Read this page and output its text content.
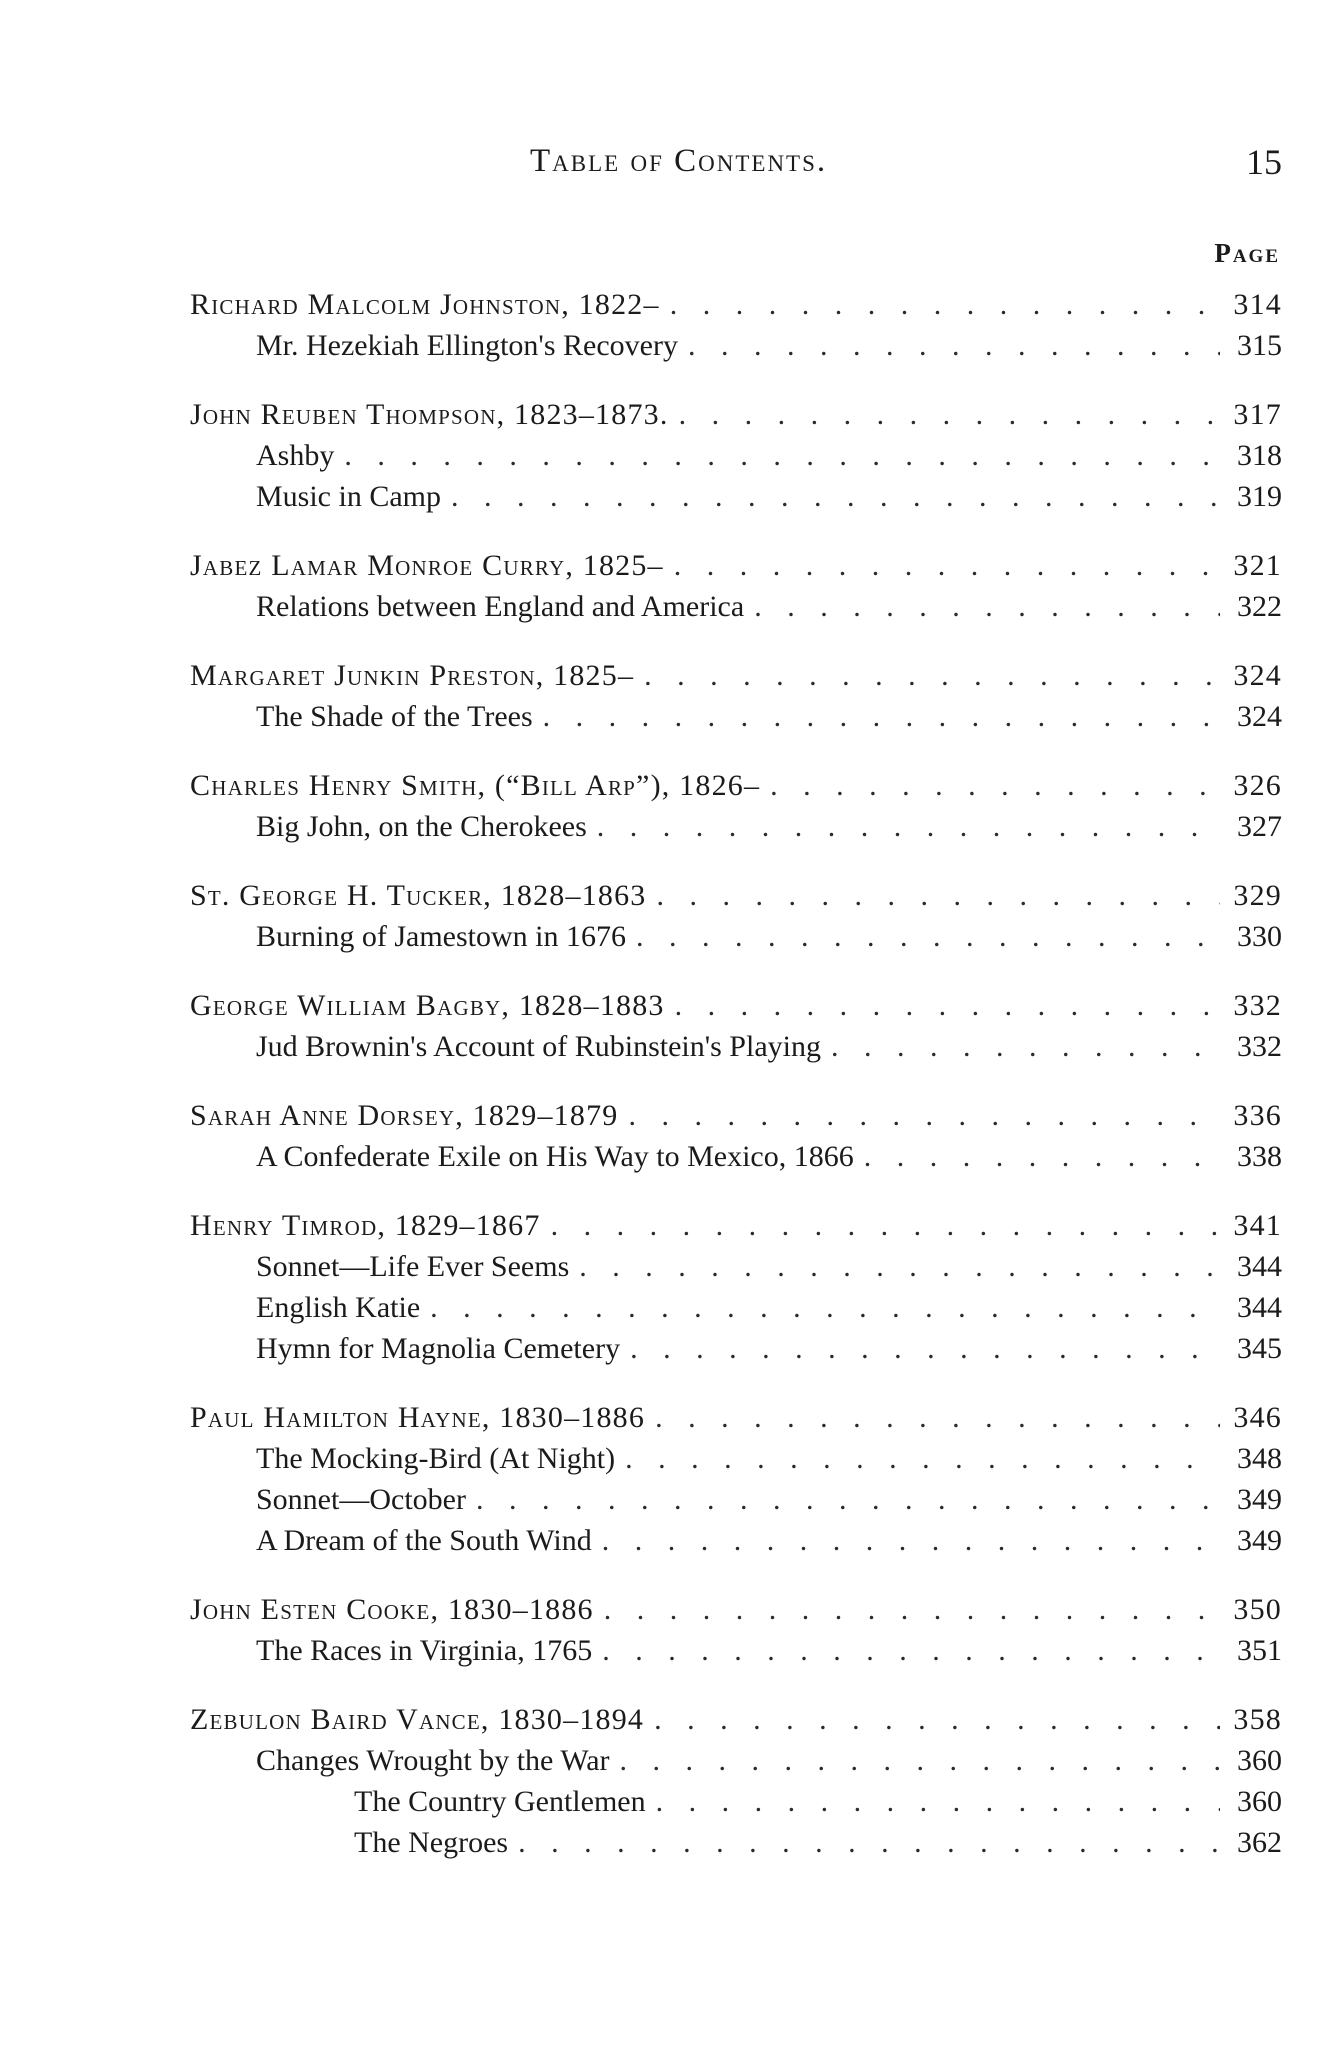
Table of Contents.	15
Page
Richard Malcolm Johnston, 1822– . . .	314
Mr. Hezekiah Ellington's Recovery . . .	315
John Reuben Thompson, 1823–1873. . . .	317
Ashby . . .	318
Music in Camp . . .	319
Jabez Lamar Monroe Curry, 1825– . . .	321
Relations between England and America . . .	322
Margaret Junkin Preston, 1825– . . .	324
The Shade of the Trees . . .	324
Charles Henry Smith, (“Bill Arp”), 1826– . . .	326
Big John, on the Cherokees . . .	327
St. George H. Tucker, 1828–1863 . . .	329
Burning of Jamestown in 1676 . . .	330
George William Bagby, 1828–1883 . . .	332
Jud Brownin's Account of Rubinstein's Playing . . .	332
Sarah Anne Dorsey, 1829–1879 . . .	336
A Confederate Exile on His Way to Mexico, 1866 . . .	338
Henry Timrod, 1829–1867 . . .	341
Sonnet—Life Ever Seems . . .	344
English Katie . . .	344
Hymn for Magnolia Cemetery . . .	345
Paul Hamilton Hayne, 1830–1886 . . .	346
The Mocking-Bird (At Night) . . .	348
Sonnet—October . . .	349
A Dream of the South Wind . . .	349
John Esten Cooke, 1830–1886 . . .	350
The Races in Virginia, 1765 . . .	351
Zebulon Baird Vance, 1830–1894 . . .	358
Changes Wrought by the War . . .	360
The Country Gentlemen . . .	360
The Negroes . . .	362
